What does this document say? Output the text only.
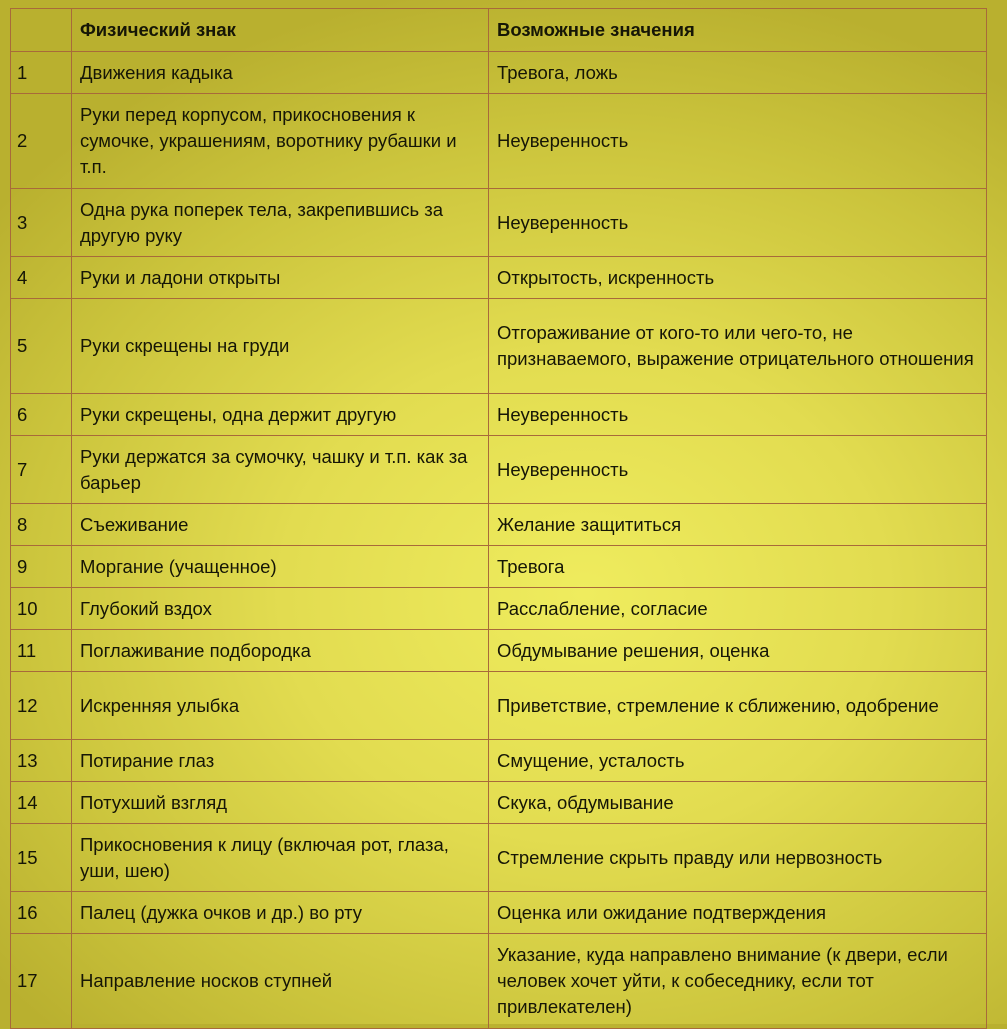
	Физический знак	Возможные значения
1	Движения кадыка	Тревога, ложь
2	Руки перед корпусом, прикосновения к сумочке, украшениям, воротнику рубашки и т.п.	Неуверенность
3	Одна рука поперек тела, закрепившись за другую руку	Неуверенность
4	Руки и ладони открыты	Открытость, искренность
5	Руки скрещены на груди	Отгораживание от кого-то или чего-то, не признаваемого, выражение отрицательного отношения
6	Руки скрещены, одна держит другую	Неуверенность
7	Руки держатся за сумочку, чашку и т.п. как за барьер	Неуверенность
8	Съеживание	Желание защититься
9	Моргание (учащенное)	Тревога
10	Глубокий вздох	Расслабление, согласие
11	Поглаживание подбородка	Обдумывание решения, оценка
12	Искренняя улыбка	Приветствие, стремление к сближению, одобрение
13	Потирание глаз	Смущение, усталость
14	Потухший взгляд	Скука, обдумывание
15	Прикосновения к лицу (включая рот, глаза, уши, шею)	Стремление скрыть правду или нервозность
16	Палец (дужка очков и др.) во рту	Оценка или ожидание подтверждения
17	Направление носков ступней	Указание, куда направлено внимание (к двери, если человек хочет уйти, к собеседнику, если тот привлекателен)
